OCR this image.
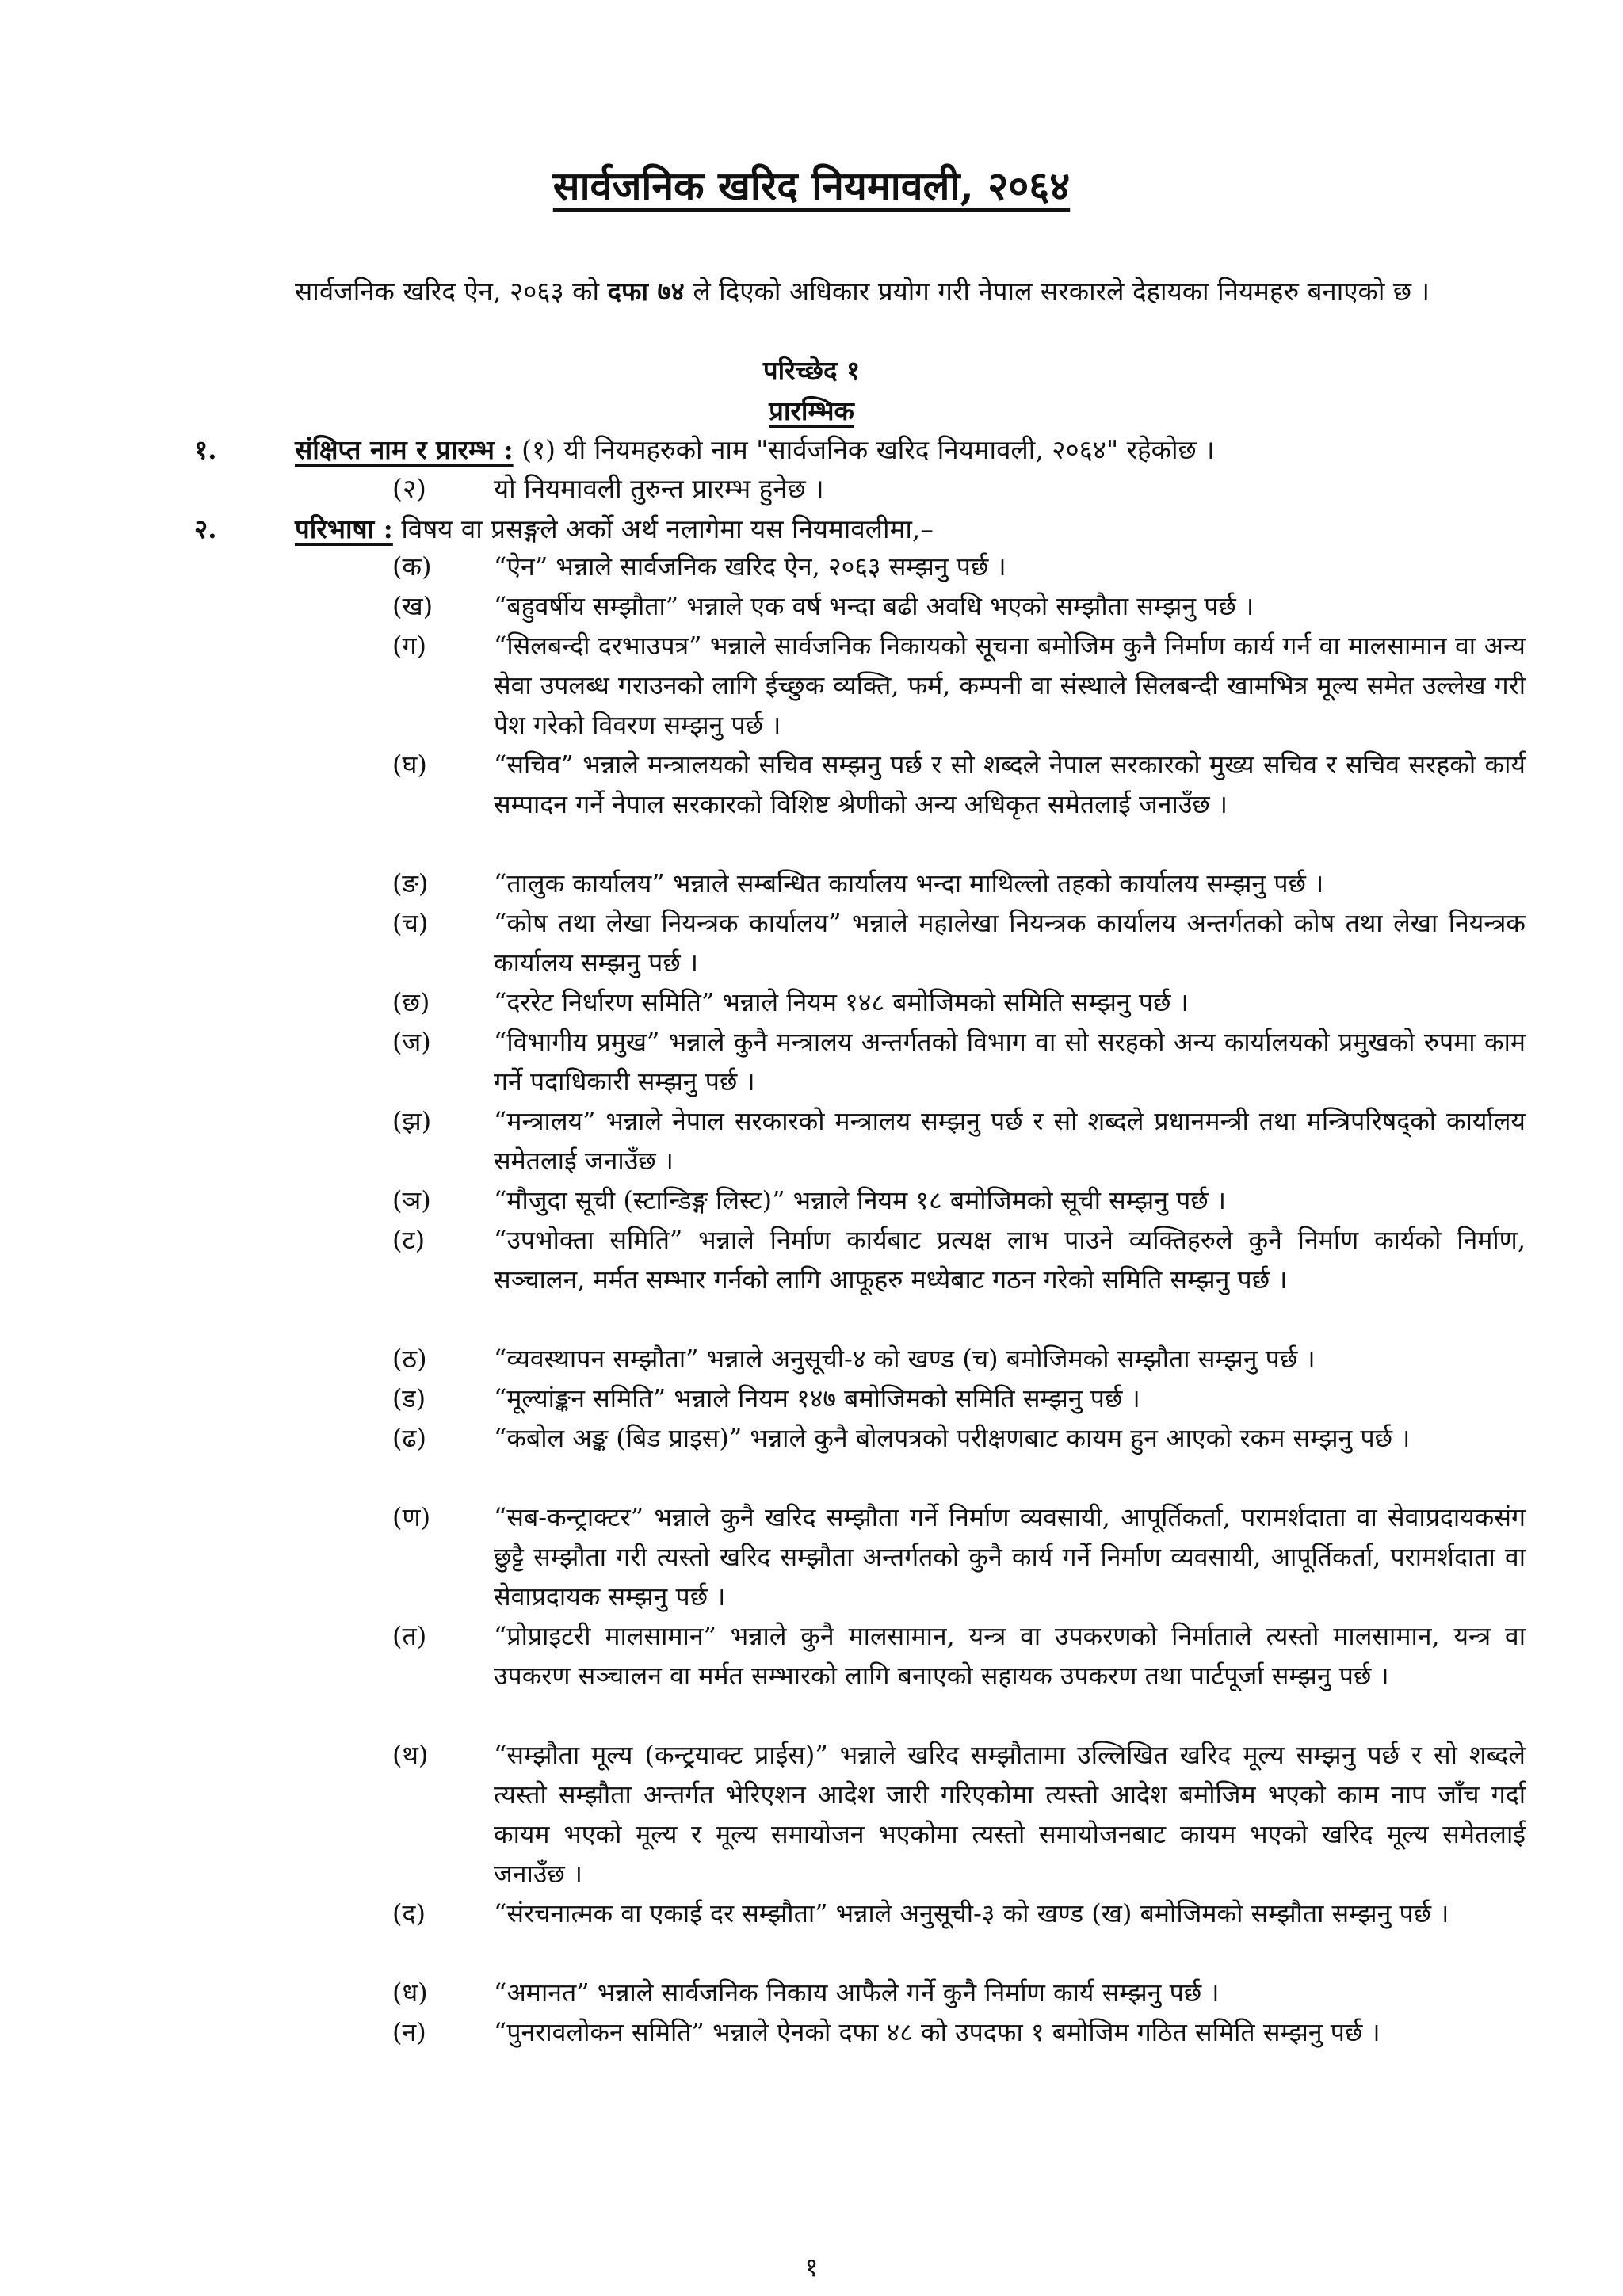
सार्वजनिक खरिद नियमावली, २०६४
सार्वजनिक खरिद ऐन, २०६३ को दफा ७४ ले दिएको अधिकार प्रयोग गरी नेपाल सरकारले देहायका नियमहरु बनाएको छ ।
परिच्छेद १
प्रारम्भिक
१.	संक्षिप्त नाम र प्रारम्भ : (१) यी नियमहरुको नाम "सार्वजनिक खरिद नियमावली, २०६४" रहेकोछ ।
(२)	यो नियमावली तुरुन्त प्रारम्भ हुनेछ ।
२.	परिभाषा : विषय वा प्रसङ्गले अर्को अर्थ नलागेमा यस नियमावलीमा,–
(क)	“ऐन” भन्नाले सार्वजनिक खरिद ऐन, २०६३ सम्झनु पर्छ ।
(ख)	“बहुवर्षीय सम्झौता” भन्नाले एक वर्ष भन्दा बढी अवधि भएको सम्झौता सम्झनु पर्छ ।
(ग)	“सिलबन्दी दरभाउपत्र” भन्नाले सार्वजनिक निकायको सूचना बमोजिम कुनै निर्माण कार्य गर्न वा मालसामान वा अन्य सेवा उपलब्ध गराउनको लागि ईच्छुक व्यक्ति, फर्म, कम्पनी वा संस्थाले सिलबन्दी खामभित्र मूल्य समेत उल्लेख गरी पेश गरेको विवरण सम्झनु पर्छ ।
(घ)	“सचिव” भन्नाले मन्त्रालयको सचिव सम्झनु पर्छ र सो शब्दले नेपाल सरकारको मुख्य सचिव र सचिव सरहको कार्य सम्पादन गर्ने नेपाल सरकारको विशिष्ट श्रेणीको अन्य अधिकृत समेतलाई जनाउँछ ।
(ङ)	“तालुक कार्यालय” भन्नाले सम्बन्धित कार्यालय भन्दा माथिल्लो तहको कार्यालय सम्झनु पर्छ ।
(च)	“कोष तथा लेखा नियन्त्रक कार्यालय” भन्नाले महालेखा नियन्त्रक कार्यालय अन्तर्गतको कोष तथा लेखा नियन्त्रक कार्यालय सम्झनु पर्छ ।
(छ)	“दररेट निर्धारण समिति” भन्नाले नियम १४८ बमोजिमको समिति सम्झनु पर्छ ।
(ज)	“विभागीय प्रमुख” भन्नाले कुनै मन्त्रालय अन्तर्गतको विभाग वा सो सरहको अन्य कार्यालयको प्रमुखको रुपमा काम गर्ने पदाधिकारी सम्झनु पर्छ ।
(झ)	“मन्त्रालय” भन्नाले नेपाल सरकारको मन्त्रालय सम्झनु पर्छ र सो शब्दले प्रधानमन्त्री तथा मन्त्रिपरिषद्को कार्यालय समेतलाई जनाउँछ ।
(ञ)	“मौजुदा सूची (स्टान्डिङ्ग लिस्ट)” भन्नाले नियम १८ बमोजिमको सूची सम्झनु पर्छ ।
(ट)	“उपभोक्ता समिति” भन्नाले निर्माण कार्यबाट प्रत्यक्ष लाभ पाउने व्यक्तिहरुले कुनै निर्माण कार्यको निर्माण, सञ्चालन, मर्मत सम्भार गर्नको लागि आफूहरु मध्येबाट गठन गरेको समिति सम्झनु पर्छ ।
(ठ)	“व्यवस्थापन सम्झौता” भन्नाले अनुसूची-४ को खण्ड (च) बमोजिमको सम्झौता सम्झनु पर्छ ।
(ड)	“मूल्यांङ्कन समिति” भन्नाले नियम १४७ बमोजिमको समिति सम्झनु पर्छ ।
(ढ)	“कबोल अङ्क (बिड प्राइस)” भन्नाले कुनै बोलपत्रको परीक्षणबाट कायम हुन आएको रकम सम्झनु पर्छ ।
(ण)	“सब-कन्ट्राक्टर” भन्नाले कुनै खरिद सम्झौता गर्ने निर्माण व्यवसायी, आपूर्तिकर्ता, परामर्शदाता वा सेवाप्रदायकसंग छुट्टै सम्झौता गरी त्यस्तो खरिद सम्झौता अन्तर्गतको कुनै कार्य गर्ने निर्माण व्यवसायी, आपूर्तिकर्ता, परामर्शदाता वा सेवाप्रदायक सम्झनु पर्छ ।
(त)	“प्रोप्राइटरी मालसामान” भन्नाले कुनै मालसामान, यन्त्र वा उपकरणको निर्माताले त्यस्तो मालसामान, यन्त्र वा उपकरण सञ्चालन वा मर्मत सम्भारको लागि बनाएको सहायक उपकरण तथा पार्टपूर्जा सम्झनु पर्छ ।
(थ)	“सम्झौता मूल्य (कन्ट्रयाक्ट प्राईस)” भन्नाले खरिद सम्झौतामा उल्लिखित खरिद मूल्य सम्झनु पर्छ र सो शब्दले त्यस्तो सम्झौता अन्तर्गत भेरिएशन आदेश जारी गरिएकोमा त्यस्तो आदेश बमोजिम भएको काम नाप जाँच गर्दा कायम भएको मूल्य र मूल्य समायोजन भएकोमा त्यस्तो समायोजनबाट कायम भएको खरिद मूल्य समेतलाई जनाउँछ ।
(द)	“संरचनात्मक वा एकाई दर सम्झौता” भन्नाले अनुसूची-३ को खण्ड (ख) बमोजिमको सम्झौता सम्झनु पर्छ ।
(ध)	“अमानत” भन्नाले सार्वजनिक निकाय आफैले गर्ने कुनै निर्माण कार्य सम्झनु पर्छ ।
(न)	“पुनरावलोकन समिति” भन्नाले ऐनको दफा ४८ को उपदफा १ बमोजिम गठित समिति सम्झनु पर्छ ।
१
